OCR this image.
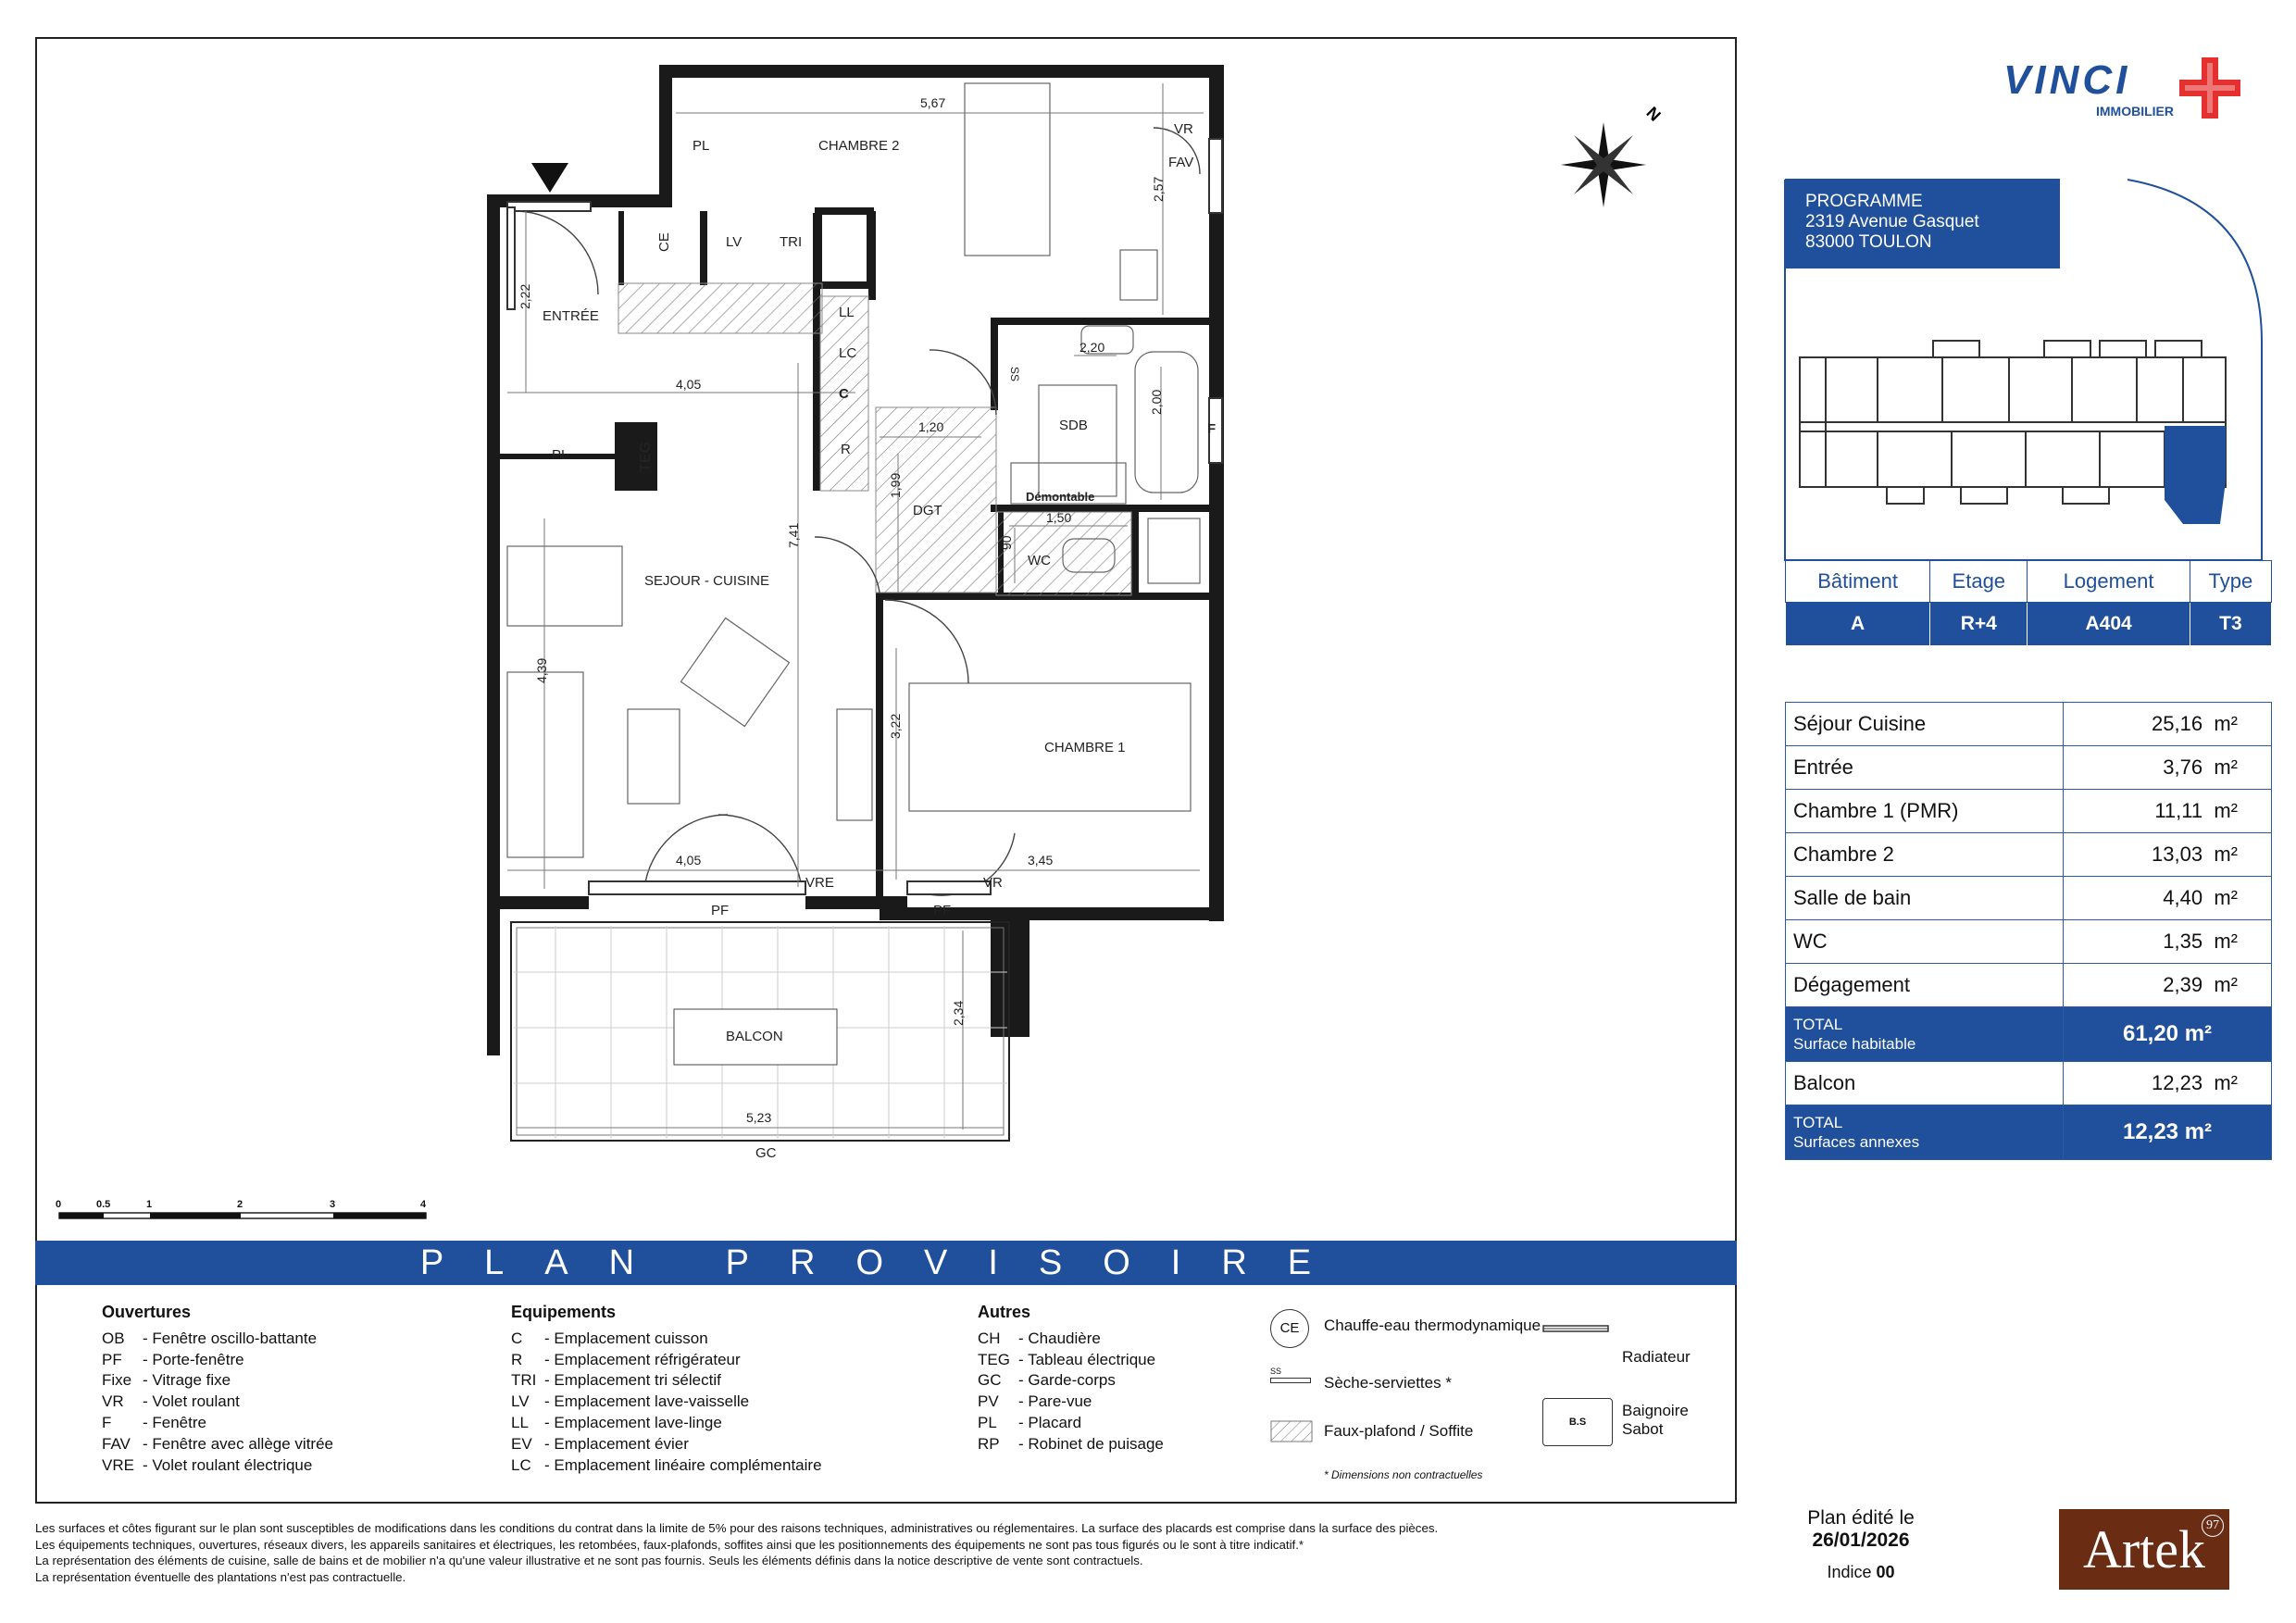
N
CHAMBRE 2
PL
ENTRÉE
PL
SEJOUR - CUISINE
CHAMBRE 1
SDB
DGT
WC
BALCON
Démontable
CE	LV	TRI
LL
LC
C
R
SS
TEG
VR
FAV
F
VRE	VR
PF	PF
GC
5,67
2,57
2,22
4,05
2,20
2,00
1,20
1,99
7,41
1,50
90
4,39
3,22
4,05	3,45
2,34
5,23
0	0.5	1	2	3	4
VINCI
IMMOBILIER
PROGRAMME
2319 Avenue Gasquet
83000 TOULON
Bâtiment	Etage	Logement	Type
A	R+4	A404	T3
Séjour Cuisine	25,16 m²
Entrée	3,76 m²
Chambre 1 (PMR)	11,11 m²
Chambre 2	13,03 m²
Salle de bain	4,40 m²
WC	1,35 m²
Dégagement	2,39 m²

TOTAL
Surface habitable	61,20 m²
Balcon	12,23 m²

TOTAL
Surfaces annexes	12,23 m²
PLAN PROVISOIRE
Ouvertures
OB - Fenêtre oscillo-battante
PF - Porte-fenêtre
Fixe - Vitrage fixe
VR - Volet roulant
F - Fenêtre
FAV - Fenêtre avec allège vitrée
VRE - Volet roulant électrique
Equipements
C - Emplacement cuisson
R - Emplacement réfrigérateur
TRI - Emplacement tri sélectif
LV - Emplacement lave-vaisselle
LL - Emplacement lave-linge
EV - Emplacement évier
LC - Emplacement linéaire complémentaire
Autres
CH - Chaudière
TEG - Tableau électrique
GC - Garde-corps
PV - Pare-vue
PL - Placard
RP - Robinet de puisage
CE	Chauffe-eau thermodynamique
Radiateur
SS
Sèche-serviettes *
Faux-plafond / Soffite	B.S
Baignoire
Sabot
* Dimensions non contractuelles
Les surfaces et côtes figurant sur le plan sont susceptibles de modifications dans les conditions du contrat dans la limite de 5% pour des raisons techniques, administratives ou réglementaires. La surface des placards est comprise dans la surface des pièces.
Les équipements techniques, ouvertures, réseaux divers, les appareils sanitaires et électriques, les retombées, faux-plafonds, soffites ainsi que les positionnements des équipements ne sont pas tous figurés ou le sont à titre indicatif.*
La représentation des éléments de cuisine, salle de bains et de mobilier n'a qu'une valeur illustrative et ne sont pas fournis. Seuls les éléments définis dans la notice descriptive de vente sont contractuels.
La représentation éventuelle des plantations n'est pas contractuelle.
Plan édité le
26/01/2026
Indice 00	Artek 97
